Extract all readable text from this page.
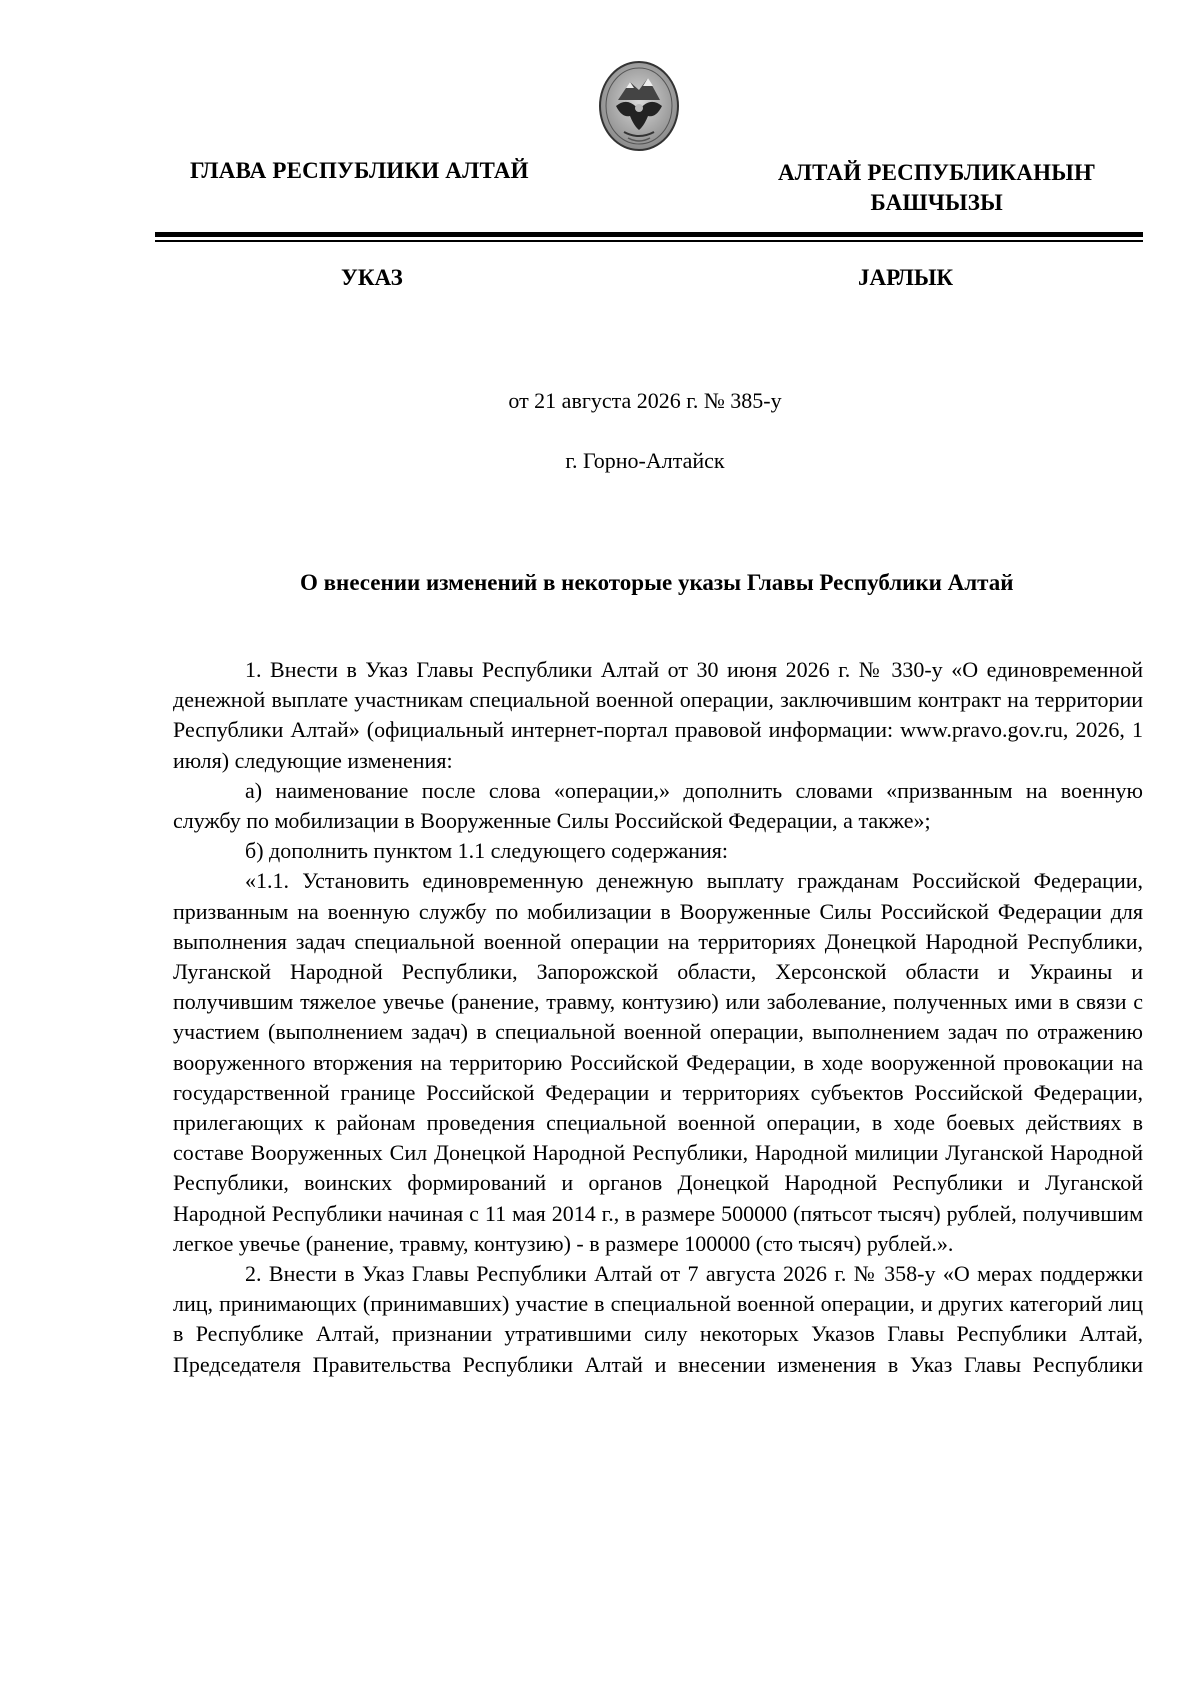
ГЛАВА РЕСПУБЛИКИ АЛТАЙ	АЛТАЙ РЕСПУБЛИКАНЫҤ
БАШЧЫЗЫ
УКАЗ	ЈАРЛЫК
от 21 августа 2026 г. № 385-у
г. Горно-Алтайск
О внесении изменений в некоторые указы Главы Республики Алтай

1. Внести в Указ Главы Республики Алтай от 30 июня 2026 г. № 330-у «О единовременной денежной выплате участникам специальной военной операции, заключившим контракт на территории Республики Алтай» (официальный интернет-портал правовой информации: www.pravo.gov.ru, 2026, 1 июля) следующие изменения:

а) наименование после слова «операции,» дополнить словами «призванным на военную службу по мобилизации в Вооруженные Силы Российской Федерации, а также»;

б) дополнить пунктом 1.1 следующего содержания:

«1.1. Установить единовременную денежную выплату гражданам Российской Федерации, призванным на военную службу по мобилизации в Вооруженные Силы Российской Федерации для выполнения задач специальной военной операции на территориях Донецкой Народной Республики, Луганской Народной Республики, Запорожской области, Херсонской области и Украины и получившим тяжелое увечье (ранение, травму, контузию) или заболевание, полученных ими в связи с участием (выполнением задач) в специальной военной операции, выполнением задач по отражению вооруженного вторжения на территорию Российской Федерации, в ходе вооруженной провокации на государственной границе Российской Федерации и территориях субъектов Российской Федерации, прилегающих к районам проведения специальной военной операции, в ходе боевых действиях в составе Вооруженных Сил Донецкой Народной Республики, Народной милиции Луганской Народной Республики, воинских формирований и органов Донецкой Народной Республики и Луганской Народной Республики начиная с 11 мая 2014 г., в размере 500000 (пятьсот тысяч) рублей, получившим легкое увечье (ранение, травму, контузию) - в размере 100000 (сто тысяч) рублей.».

2. Внести в Указ Главы Республики Алтай от 7 августа 2026 г. № 358-у «О мерах поддержки лиц, принимающих (принимавших) участие в специальной военной операции, и других категорий лиц в Республике Алтай, признании утратившими силу некоторых Указов Главы Республики Алтай, Председателя Правительства Республики Алтай и внесении изменения в Указ Главы Республики
